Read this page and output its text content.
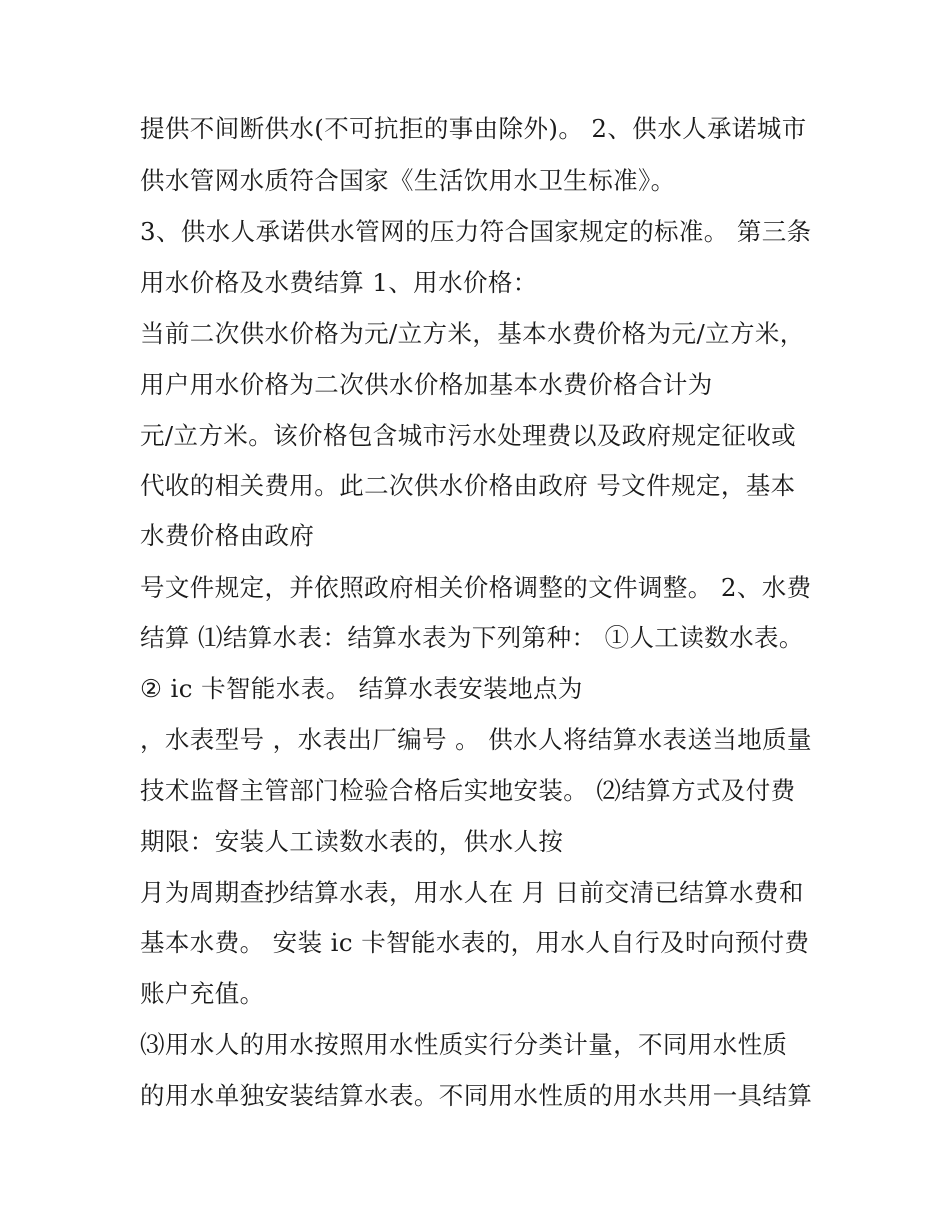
提供不间断供水(不可抗拒的事由除外)。 2、供水人承诺城市
供水管网水质符合国家《生活饮用水卫生标准》。
3、供水人承诺供水管网的压力符合国家规定的标准。 第三条
用水价格及水费结算 1、用水价格：
当前二次供水价格为元/立方米，基本水费价格为元/立方米，
用户用水价格为二次供水价格加基本水费价格合计为
元/立方米。该价格包含城市污水处理费以及政府规定征收或
代收的相关费用。此二次供水价格由政府 号文件规定，基本
水费价格由政府
号文件规定，并依照政府相关价格调整的文件调整。 2、水费
结算 ⑴结算水表：结算水表为下列第种： ①人工读数水表。
② ic 卡智能水表。 结算水表安装地点为
，水表型号 ，水表出厂编号 。 供水人将结算水表送当地质量
技术监督主管部门检验合格后实地安装。 ⑵结算方式及付费
期限：安装人工读数水表的，供水人按
月为周期查抄结算水表，用水人在 月 日前交清已结算水费和
基本水费。 安装 ic 卡智能水表的，用水人自行及时向预付费
账户充值。
⑶用水人的用水按照用水性质实行分类计量，不同用水性质
的用水单独安装结算水表。不同用水性质的用水共用一具结算
